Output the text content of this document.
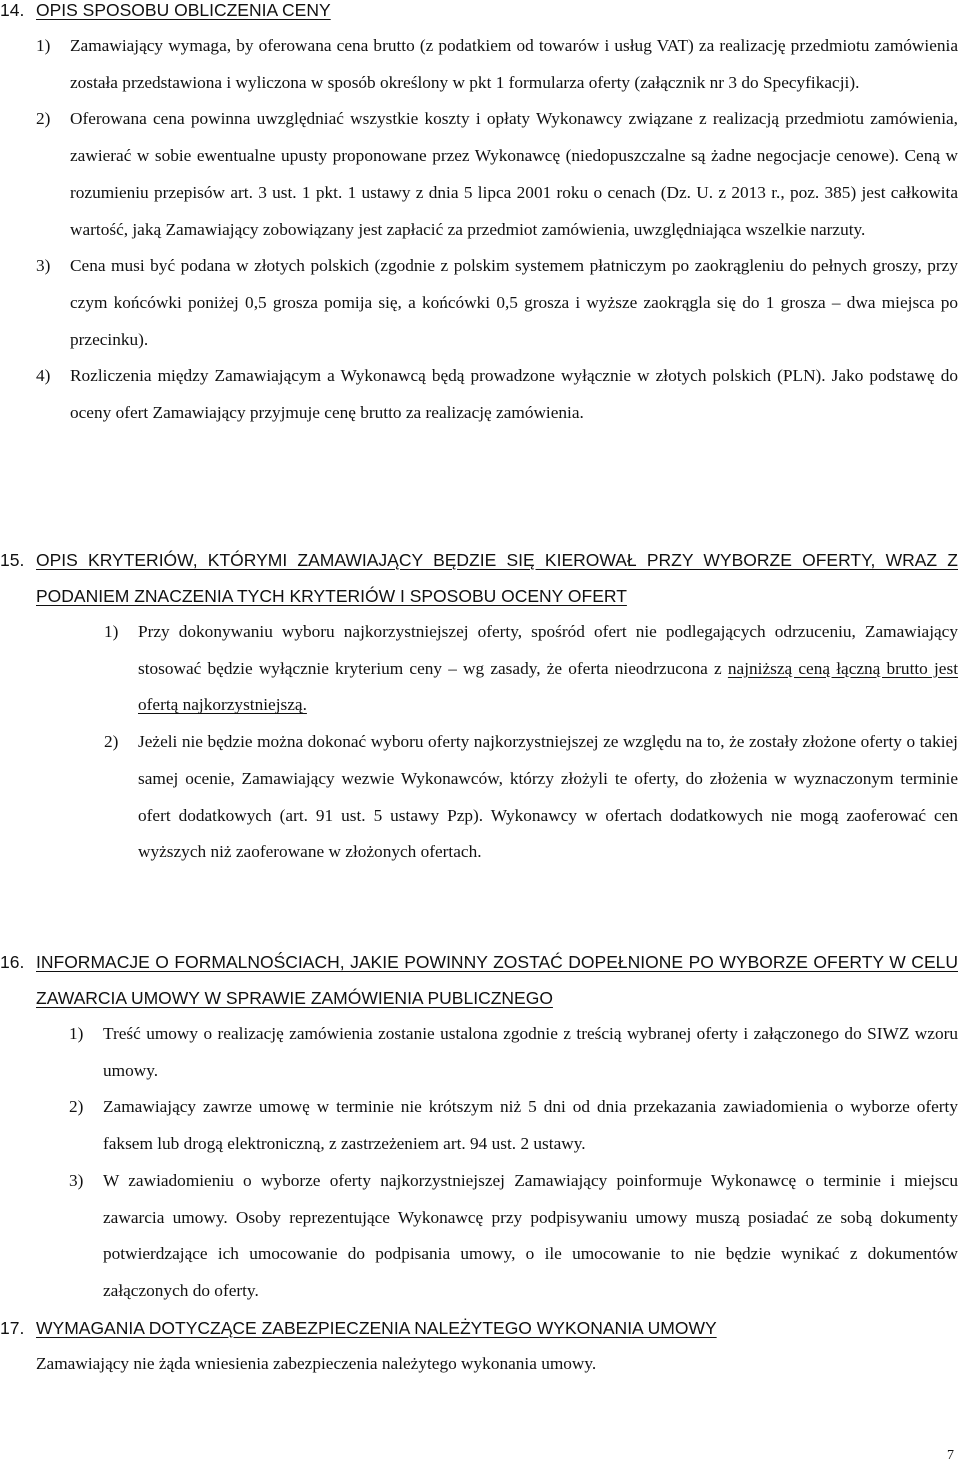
14. OPIS SPOSOBU OBLICZENIA CENY
1)	Zamawiający wymaga, by oferowana cena brutto (z podatkiem od towarów i usług VAT) za realizację przedmiotu zamówienia została przedstawiona i wyliczona w sposób określony w pkt 1 formularza oferty (załącznik nr 3 do Specyfikacji).
2)	Oferowana cena powinna uwzględniać wszystkie koszty i opłaty Wykonawcy związane z realizacją przedmiotu zamówienia, zawierać w sobie ewentualne upusty proponowane przez Wykonawcę (niedopuszczalne są żadne negocjacje cenowe). Ceną w rozumieniu przepisów art. 3 ust. 1 pkt. 1 ustawy z dnia 5 lipca 2001 roku o cenach (Dz. U. z 2013 r., poz. 385) jest całkowita wartość, jaką Zamawiający zobowiązany jest zapłacić za przedmiot zamówienia, uwzględniająca wszelkie narzuty.
3)	Cena musi być podana w złotych polskich (zgodnie z polskim systemem płatniczym po zaokrągleniu do pełnych groszy, przy czym końcówki poniżej 0,5 grosza pomija się, a końcówki 0,5 grosza i wyższe zaokrągla się do 1 grosza – dwa miejsca po przecinku).
4)	Rozliczenia między Zamawiającym a Wykonawcą będą prowadzone wyłącznie w złotych polskich (PLN). Jako podstawę do oceny ofert Zamawiający przyjmuje cenę brutto za realizację zamówienia.
15. OPIS KRYTERIÓW, KTÓRYMI ZAMAWIAJĄCY BĘDZIE SIĘ KIEROWAŁ PRZY WYBORZE OFERTY, WRAZ Z PODANIEM ZNACZENIA TYCH KRYTERIÓW I SPOSOBU OCENY OFERT
1)	Przy dokonywaniu wyboru najkorzystniejszej oferty, spośród ofert nie podlegających odrzuceniu, Zamawiający stosować będzie wyłącznie kryterium ceny – wg zasady, że oferta nieodrzucona z najniższą ceną łączną brutto jest ofertą najkorzystniejszą.
2)	Jeżeli nie będzie można dokonać wyboru oferty najkorzystniejszej ze względu na to, że zostały złożone oferty o takiej samej ocenie, Zamawiający wezwie Wykonawców, którzy złożyli te oferty, do złożenia w wyznaczonym terminie ofert dodatkowych (art. 91 ust. 5 ustawy Pzp). Wykonawcy w ofertach dodatkowych nie mogą zaoferować cen wyższych niż zaoferowane w złożonych ofertach.
16. INFORMACJE O FORMALNOŚCIACH, JAKIE POWINNY ZOSTAĆ DOPEŁNIONE PO WYBORZE OFERTY W CELU ZAWARCIA UMOWY W SPRAWIE ZAMÓWIENIA PUBLICZNEGO
1)	Treść umowy o realizację zamówienia zostanie ustalona zgodnie z treścią wybranej oferty i załączonego do SIWZ wzoru umowy.
2)	Zamawiający zawrze umowę w terminie nie krótszym niż 5 dni od dnia przekazania zawiadomienia o wyborze oferty faksem lub drogą elektroniczną, z zastrzeżeniem art. 94 ust. 2 ustawy.
3)	W zawiadomieniu o wyborze oferty najkorzystniejszej Zamawiający poinformuje Wykonawcę o terminie i miejscu zawarcia umowy. Osoby reprezentujące Wykonawcę przy podpisywaniu umowy muszą posiadać ze sobą dokumenty potwierdzające ich umocowanie do podpisania umowy, o ile umocowanie to nie będzie wynikać z dokumentów załączonych do oferty.
17. WYMAGANIA DOTYCZĄCE ZABEZPIECZENIA NALEŻYTEGO WYKONANIA UMOWY
Zamawiający nie żąda wniesienia zabezpieczenia należytego wykonania umowy.
7
